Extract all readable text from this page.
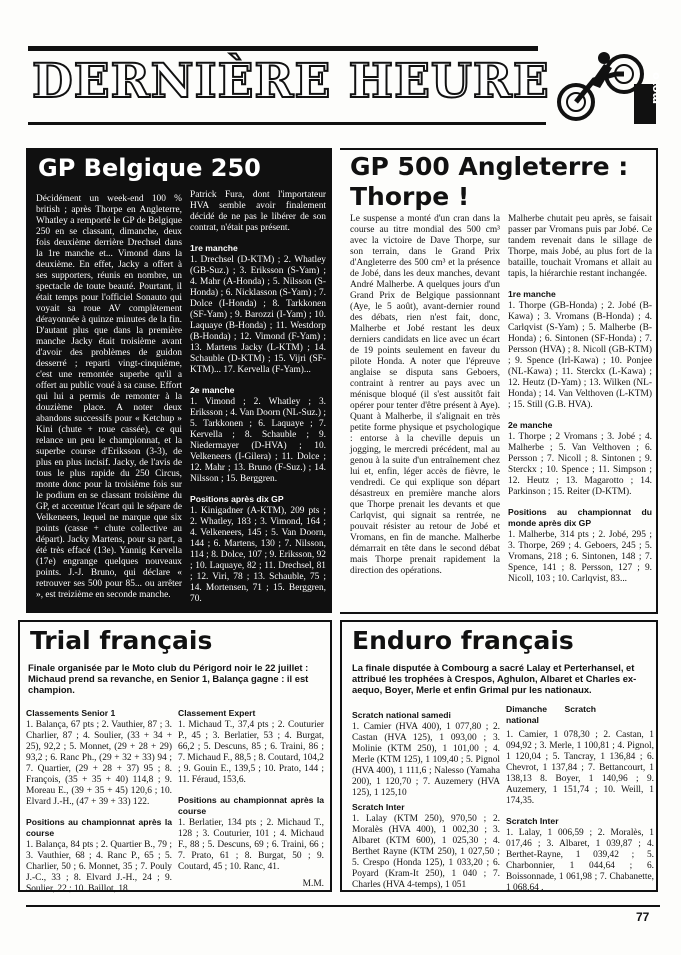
DERNIÈRE HEURE	moto
GP Belgique 250

Décidément un week-end 100 % british ; après Thorpe en Angleterre, Whatley a remporté le GP de Belgique 250 en se classant, dimanche, deux fois deuxième derrière Drechsel dans la 1re manche et... Vimond dans la deuxième. En effet, Jacky a offert à ses supporters, réunis en nombre, un spectacle de toute beauté. Pourtant, il était temps pour l'officiel Sonauto qui voyait sa roue AV complètement dérayonnée à quinze minutes de la fin. D'autant plus que dans la première manche Jacky était troisième avant d'avoir des problèmes de guidon desserré ; reparti vingt-cinquième, c'est une remontée superbe qu'il a offert au public voué à sa cause. Effort qui lui a permis de remonter à la douzième place. A noter deux abandons successifs pour « Ketchup » Kini (chute + roue cassée), ce qui relance un peu le championnat, et la superbe course d'Eriksson (3-3), de plus en plus incisif. Jacky, de l'avis de tous le plus rapide du 250 Circus, monte donc pour la troisième fois sur le podium en se classant troisième du GP, et accentue l'écart qui le sépare de Velkeneers, lequel ne marque que six points (casse + chute collective au départ). Jacky Martens, pour sa part, a été très effacé (13e). Yannig Kervella (17e) engrange quelques nouveaux points. J.-J. Bruno, qui déclare « retrouver ses 500 pour 85... ou arrêter », est treizième en seconde manche.

Patrick Fura, dont l'importateur HVA semble avoir finalement décidé de ne pas le libérer de son contrat, n'était pas présent.

1re manche

1. Drechsel (D-KTM) ; 2. Whatley (GB-Suz.) ; 3. Eriksson (S-Yam) ; 4. Mahr (A-Honda) ; 5. Nilsson (S-Honda) ; 6. Nicklasson (S-Yam) ; 7. Dolce (I-Honda) ; 8. Tarkkonen (SF-Yam) ; 9. Barozzi (I-Yam) ; 10. Laquaye (B-Honda) ; 11. Westdorp (B-Honda) ; 12. Vimond (F-Yam) ; 13. Martens Jacky (L-KTM) ; 14. Schauble (D-KTM) ; 15. Vijri (SF-KTM)... 17. Kervella (F-Yam)...

2e manche

1. Vimond ; 2. Whatley ; 3. Eriksson ; 4. Van Doorn (NL-Suz.) ; 5. Tarkkonen ; 6. Laquaye ; 7. Kervella ; 8. Schauble ; 9. Niedermayer (D-HVA) ; 10. Velkeneers (I-Gilera) ; 11. Dolce ; 12. Mahr ; 13. Bruno (F-Suz.) ; 14. Nilsson ; 15. Berggren.

Positions après dix GP

1. Kinigadner (A-KTM), 209 pts ; 2. Whatley, 183 ; 3. Vimond, 164 ; 4. Velkeneers, 145 ; 5. Van Doorn, 144 ; 6. Martens, 130 ; 7. Nilsson, 114 ; 8. Dolce, 107 ; 9. Eriksson, 92 ; 10. Laquaye, 82 ; 11. Drechsel, 81 ; 12. Viri, 78 ; 13. Schauble, 75 ; 14. Mortensen, 71 ; 15. Berggren, 70.

GP 500 Angleterre : Thorpe !

Le suspense a monté d'un cran dans la course au titre mondial des 500 cm³ avec la victoire de Dave Thorpe, sur son terrain, dans le Grand Prix d'Angleterre des 500 cm³ et la présence de Jobé, dans les deux manches, devant André Malherbe. A quelques jours d'un Grand Prix de Belgique passionnant (Aye, le 5 août), avant-dernier round des débats, rien n'est fait, donc, Malherbe et Jobé restant les deux derniers candidats en lice avec un écart de 19 points seulement en faveur du pilote Honda. A noter que l'épreuve anglaise se disputa sans Geboers, contraint à rentrer au pays avec un ménisque bloqué (il s'est aussitôt fait opérer pour tenter d'être présent à Aye). Quant à Malherbe, il s'alignait en très petite forme physique et psychologique : entorse à la cheville depuis un jogging, le mercredi précédent, mal au genou à la suite d'un entraînement chez lui et, enfin, léger accès de fièvre, le vendredi. Ce qui explique son départ désastreux en première manche alors que Thorpe prenait les devants et que Carlqvist, qui signait sa rentrée, ne pouvait résister au retour de Jobé et Vromans, en fin de manche. Malherbe démarrait en tête dans le second débat mais Thorpe prenait rapidement la direction des opérations.

Malherbe chutait peu après, se faisait passer par Vromans puis par Jobé. Ce tandem revenait dans le sillage de Thorpe, mais Jobé, au plus fort de la bataille, touchait Vromans et allait au tapis, la hiérarchie restant inchangée.

1re manche

1. Thorpe (GB-Honda) ; 2. Jobé (B-Kawa) ; 3. Vromans (B-Honda) ; 4. Carlqvist (S-Yam) ; 5. Malherbe (B-Honda) ; 6. Sintonen (SF-Honda) ; 7. Persson (HVA) ; 8. Nicoll (GB-KTM) ; 9. Spence (Irl-Kawa) ; 10. Ponjee (NL-Kawa) ; 11. Sterckx (L-Kawa) ; 12. Heutz (D-Yam) ; 13. Wilken (NL-Honda) ; 14. Van Velthoven (L-KTM) ; 15. Still (G.B. HVA).

2e manche

1. Thorpe ; 2 Vromans ; 3. Jobé ; 4. Malherbe ; 5. Van Velthoven ; 6. Persson ; 7. Nicoll ; 8. Sintonen ; 9. Sterckx ; 10. Spence ; 11. Simpson ; 12. Heutz ; 13. Magarotto ; 14. Parkinson ; 15. Reiter (D-KTM).

Positions au championnat du monde après dix GP

1. Malherbe, 314 pts ; 2. Jobé, 295 ; 3. Thorpe, 269 ; 4. Geboers, 245 ; 5. Vromans, 218 ; 6. Sintonen, 148 ; 7. Spence, 141 ; 8. Persson, 127 ; 9. Nicoll, 103 ; 10. Carlqvist, 83...

Trial français
Finale organisée par le Moto club du Périgord noir le 22 juillet : Michaud prend sa revanche, en Senior 1, Balança gagne : il est champion.
Classements Senior 1

1. Balança, 67 pts ; 2. Vauthier, 87 ; 3. Charlier, 87 ; 4. Soulier, (33 + 34 + 25), 92,2 ; 5. Monnet, (29 + 28 + 29) 93,2 ; 6. Ranc Ph., (29 + 32 + 33) 94 ; 7. Quartier, (29 + 28 + 37) 95 ; 8. François, (35 + 35 + 40) 114,8 ; 9. Moreau E., (39 + 35 + 45) 120,6 ; 10. Elvard J.-H., (47 + 39 + 33) 122.

Positions au championnat après la course

1. Balança, 84 pts ; 2. Quartier B., 79 ; 3. Vauthier, 68 ; 4. Ranc P., 65 ; 5. Charlier, 50 ; 6. Monnet, 35 ; 7. Pouly J.-C., 33 ; 8. Elvard J.-H., 24 ; 9. Soulier, 22 ; 10. Baillot, 18.

Classement Expert

1. Michaud T., 37,4 pts ; 2. Couturier P., 45 ; 3. Berlatier, 53 ; 4. Burgat, 66,2 ; 5. Descuns, 85 ; 6. Traini, 86 ; 7. Michaud F., 88,5 ; 8. Coutard, 104,2 ; 9. Gouin E., 139,5 ; 10. Prato, 144 ; 11. Féraud, 153,6.

Positions au championnat après la course

1. Berlatier, 134 pts ; 2. Michaud T., 128 ; 3. Couturier, 101 ; 4. Michaud F., 88 ; 5. Descuns, 69 ; 6. Traini, 66 ; 7. Prato, 61 ; 8. Burgat, 50 ; 9. Coutard, 45 ; 10. Ranc, 41.

M.M.

Enduro français
La finale disputée à Combourg a sacré Lalay et Perterhansel, et attribué les trophées à Crespos, Aghulon, Albaret et Charles ex-aequo, Boyer, Merle et enfin Grimal pur les nationaux.
Scratch national samedi

1. Camier (HVA 400), 1 077,80 ; 2. Castan (HVA 125), 1 093,00 ; 3. Molinie (KTM 250), 1 101,00 ; 4. Merle (KTM 125), 1 109,40 ; 5. Pignol (HVA 400), 1 111,6 ; Nalesso (Yamaha 200), 1 120,70 ; 7. Auzemery (HVA 125), 1 125,10

Scratch Inter

1. Lalay (KTM 250), 970,50 ; 2. Moralès (HVA 400), 1 002,30 ; 3. Albaret (KTM 600), 1 025,30 ; 4. Berthet Rayne (KTM 250), 1 027,50 ; 5. Crespo (Honda 125), 1 033,20 ; 6. Poyard (Kram-It 250), 1 040 ; 7. Charles (HVA 4-temps), 1 051

Dimanche Scratch national

1. Camier, 1 078,30 ; 2. Castan, 1 094,92 ; 3. Merle, 1 100,81 ; 4. Pignol, 1 120,04 ; 5. Tancray, 1 136,84 ; 6. Chevrot, 1 137,84 ; 7. Bettancourt, 1 138,13 8. Boyer, 1 140,96 ; 9. Auzemery, 1 151,74 ; 10. Weill, 1 174,35.

Scratch Inter

1. Lalay, 1 006,59 ; 2. Moralès, 1 017,46 ; 3. Albaret, 1 039,87 ; 4. Berthet-Rayne, 1 039,42 ; 5. Charbonnier, 1 044,64 ; 6. Boissonnade, 1 061,98 ; 7. Chabanette, 1 068,64 .

77
